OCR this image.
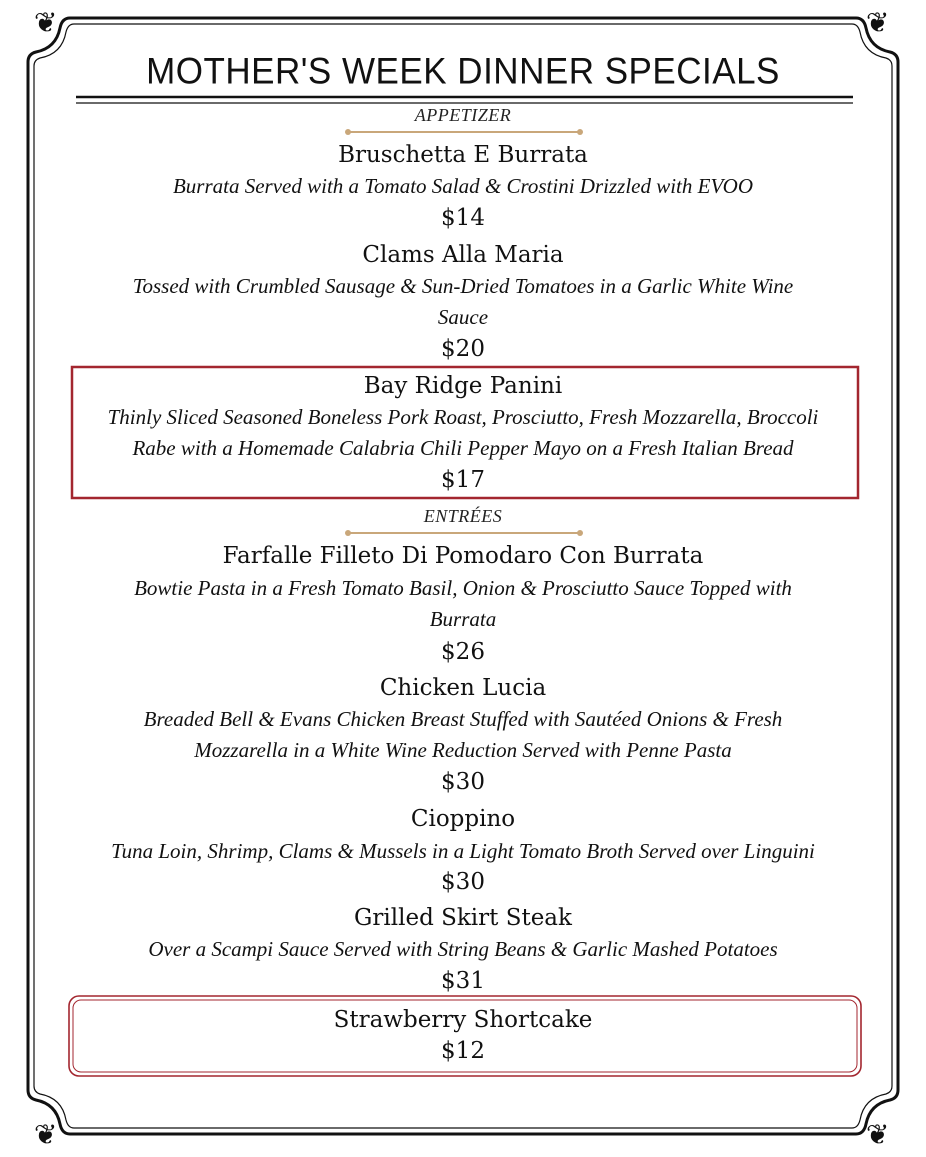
❦	❦
❦	❦
MOTHER'S WEEK DINNER SPECIALS
APPETIZER
Bruschetta E Burrata
Burrata Served with a Tomato Salad & Crostini Drizzled with EVOO
$14
Clams Alla Maria
Tossed with Crumbled Sausage & Sun-Dried Tomatoes in a Garlic White Wine
Sauce
$20
Bay Ridge Panini
Thinly Sliced Seasoned Boneless Pork Roast, Prosciutto, Fresh Mozzarella, Broccoli
Rabe with a Homemade Calabria Chili Pepper Mayo on a Fresh Italian Bread
$17
ENTRÉES
Farfalle Filleto Di Pomodaro Con Burrata
Bowtie Pasta in a Fresh Tomato Basil, Onion & Prosciutto Sauce Topped with
Burrata
$26
Chicken Lucia
Breaded Bell & Evans Chicken Breast Stuffed with Sautéed Onions & Fresh
Mozzarella in a White Wine Reduction Served with Penne Pasta
$30
Cioppino
Tuna Loin, Shrimp, Clams & Mussels in a Light Tomato Broth Served over Linguini
$30
Grilled Skirt Steak
Over a Scampi Sauce Served with String Beans & Garlic Mashed Potatoes
$31
Strawberry Shortcake
$12
